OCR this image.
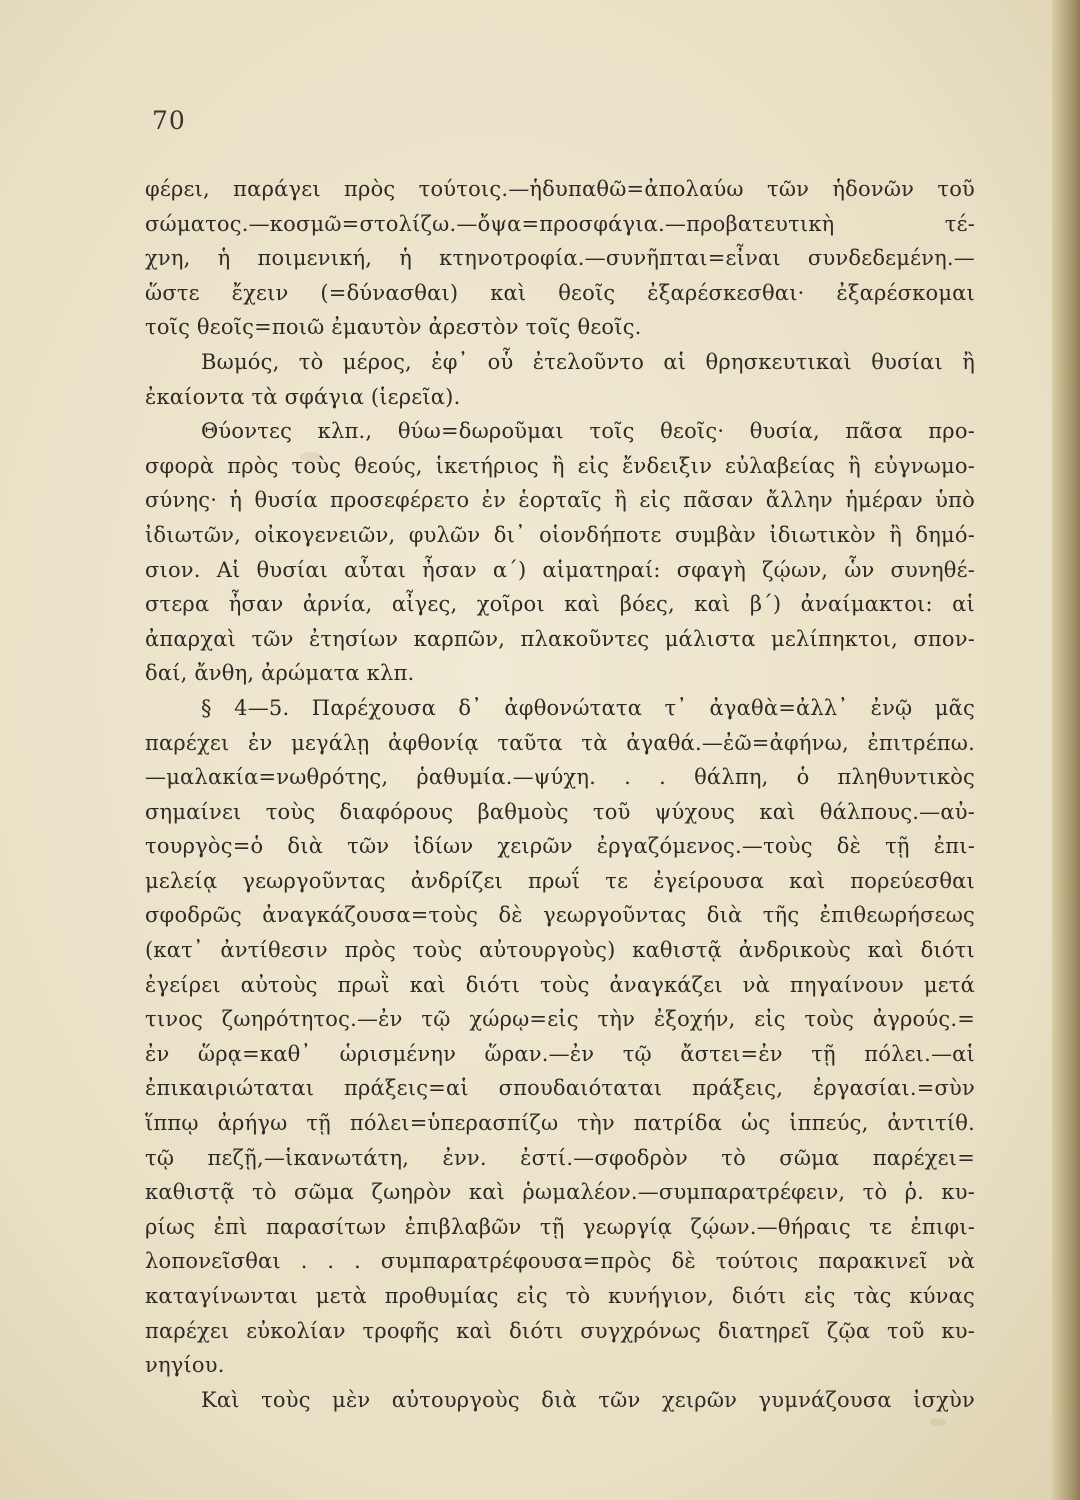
70
φέρει, παράγει πρὸς τούτοις.—ἡδυπαθῶ=ἀπολαύω τῶν ἡδονῶν τοῦ
σώματος.—κοσμῶ=στολίζω.—ὄψα=προσφάγια.—προβατευτικὴ τέ-
χνη, ἡ ποιμενική, ἡ κτηνοτροφία.—συνῆπται=εἶναι συνδεδεμένη.—
ὥστε ἔχειν (=δύνασθαι) καὶ θεοῖς ἐξαρέσκεσθαι· ἐξαρέσκομαι
τοῖς θεοῖς=ποιῶ ἐμαυτὸν ἀρεστὸν τοῖς θεοῖς.
Βωμός, τὸ μέρος, ἐφ᾿ οὗ ἐτελοῦντο αἱ θρησκευτικαὶ θυσίαι ἢ
ἐκαίοντα τὰ σφάγια (ἱερεῖα).
Θύοντες κλπ., θύω=δωροῦμαι τοῖς θεοῖς· θυσία, πᾶσα προ-
σφορὰ πρὸς τοὺς θεούς, ἱκετήριος ἢ εἰς ἔνδειξιν εὐλαβείας ἢ εὐγνωμο-
σύνης· ἡ θυσία προσεφέρετο ἐν ἑορταῖς ἢ εἰς πᾶσαν ἄλλην ἡμέραν ὑπὸ
ἰδιωτῶν, οἰκογενειῶν, φυλῶν δι᾿ οἱονδήποτε συμβὰν ἰδιωτικὸν ἢ δημό-
σιον. Αἱ θυσίαι αὗται ἦσαν α΄) αἱματηραί: σφαγὴ ζῴων, ὧν συνηθέ-
στερα ἦσαν ἀρνία, αἶγες, χοῖροι καὶ βόες, καὶ β΄) ἀναίμακτοι: αἱ
ἀπαρχαὶ τῶν ἐτησίων καρπῶν, πλακοῦντες μάλιστα μελίπηκτοι, σπον-
δαί, ἄνθη, ἀρώματα κλπ.
§ 4—5. Παρέχουσα δ᾿ ἀφθονώτατα τ᾿ ἀγαθὰ=ἀλλ᾿ ἐνῷ μᾶς
παρέχει ἐν μεγάλῃ ἀφθονίᾳ ταῦτα τὰ ἀγαθά.—ἐῶ=ἀφήνω, ἐπιτρέπω.
—μαλακία=νωθρότης, ῥαθυμία.—ψύχη. . . θάλπη, ὁ πληθυντικὸς
σημαίνει τοὺς διαφόρους βαθμοὺς τοῦ ψύχους καὶ θάλπους.—αὐ-
τουργὸς=ὁ διὰ τῶν ἰδίων χειρῶν ἐργαζόμενος.—τοὺς δὲ τῇ ἐπι-
μελείᾳ γεωργοῦντας ἀνδρίζει πρωΐ τε ἐγείρουσα καὶ πορεύεσθαι
σφοδρῶς ἀναγκάζουσα=τοὺς δὲ γεωργοῦντας διὰ τῆς ἐπιθεωρήσεως
(κατ᾿ ἀντίθεσιν πρὸς τοὺς αὐτουργοὺς) καθιστᾷ ἀνδρικοὺς καὶ διότι
ἐγείρει αὐτοὺς πρωῒ καὶ διότι τοὺς ἀναγκάζει νὰ πηγαίνουν μετά
τινος ζωηρότητος.—ἐν τῷ χώρῳ=εἰς τὴν ἐξοχήν, εἰς τοὺς ἀγρούς.=
ἐν ὥρᾳ=καθ᾿ ὡρισμένην ὥραν.—ἐν τῷ ἄστει=ἐν τῇ πόλει.—αἱ
ἐπικαιριώταται πράξεις=αἱ σπουδαιόταται πράξεις, ἐργασίαι.=σὺν
ἵππῳ ἀρήγω τῇ πόλει=ὑπερασπίζω τὴν πατρίδα ὡς ἱππεύς, ἀντιτίθ.
τῷ πεζῇ,—ἱκανωτάτη, ἐνν. ἐστί.—σφοδρὸν τὸ σῶμα παρέχει=
καθιστᾷ τὸ σῶμα ζωηρὸν καὶ ῥωμαλέον.—συμπαρατρέφειν, τὸ ῥ. κυ-
ρίως ἐπὶ παρασίτων ἐπιβλαβῶν τῇ γεωργίᾳ ζῴων.—θήραις τε ἐπιφι-
λοπονεῖσθαι . . . συμπαρατρέφουσα=πρὸς δὲ τούτοις παρακινεῖ νὰ
καταγίνωνται μετὰ προθυμίας εἰς τὸ κυνήγιον, διότι εἰς τὰς κύνας
παρέχει εὐκολίαν τροφῆς καὶ διότι συγχρόνως διατηρεῖ ζῷα τοῦ κυ-
νηγίου.
Καὶ τοὺς μὲν αὐτουργοὺς διὰ τῶν χειρῶν γυμνάζουσα ἰσχὺν
